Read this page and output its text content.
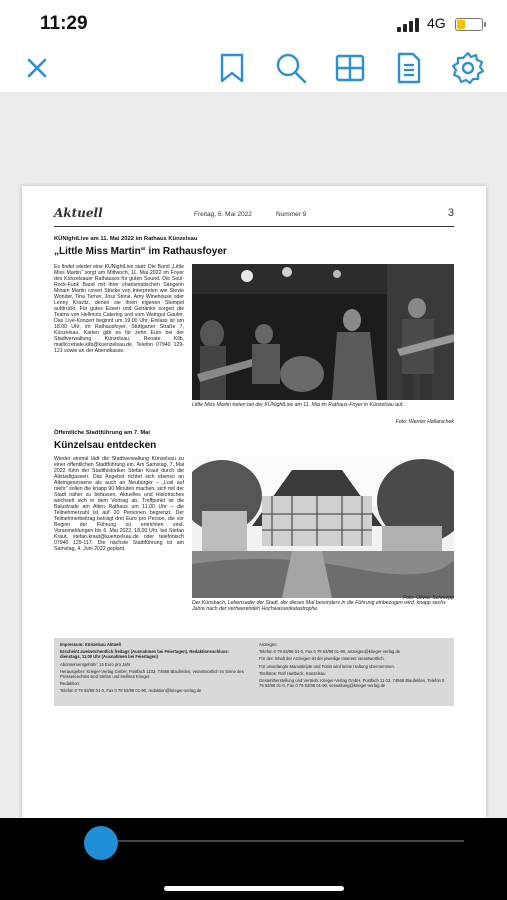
11:29	4G
Aktuell	Freitag, 6. Mai 2022	Nummer 9	3
KÜNightLive am 11. Mai 2022 im Rathaus Künzelsau
„Little Miss Martin“ im Rathausfoyer
Es findet wieder eine KÜNightLive statt: Die Band „Little Miss Martin“ sorgt am Mittwoch, 11. Mai 2022 im Foyer des Künzelsauer Rathauses für guten Sound. Die Soul-Rock-Funk Band mit ihrer charismatischen Sängerin Miriam Martin covert Stücke von Interpreten wie Stevie Wonder, Tina Turner, Joss Stone, Amy Winehouse oder Lenny Kravitz, denen sie ihren eigenen Stempel aufdrückt. Für gutes Essen und Getränke sorgen die Teams von Hellmuts Catering und vom Weingut Gaufer. Das Live-Konzert beginnt um 19.00 Uhr, Einlass ist um 18.00 Uhr, im Rathausfoyer, Stuttgarter Straße 7, Künzelsau. Karten gibt es für zehn Euro bei der Stadtverwaltung Künzelsau, Renate Kilb, mailto:renate.kilb@kuenzelsau.de, Telefon 07940 129-121 sowie an der Abendkasse.
Little Miss Martin treten bei der KÜNightLive am 11. Mai im Rathaus-Foyer in Künzelsau auf.
Foto: Werner Hallatschek
Öffentliche Stadtführung am 7. Mai
Künzelsau entdecken
Wieder einmal lädt die Stadtverwaltung Künzelsau zu einer öffentlichen Stadtführung ein. Am Samstag, 7. Mai 2022 führt der Stadthistoriker Stefan Kraut durch die Altstadtgassen. Das Angebot richtet sich ebenso an Alteingesessene als auch an Neubürger – „Lust auf mehr“ sollen die knapp 90 Minuten machen, sich mit der Stadt näher zu befassen. Aktuelles und Historisches wechselt sich in dem Vortrag ab. Treffpunkt ist die Balustrade am Alten Rathaus um 11.00 Uhr – die Teilnehmerzahl ist auf 20 Personen begrenzt. Der Teilnehmerbeitrag beträgt drei Euro pro Person, die vor Beginn der Führung zu entrichten sind. Voranmeldungen bis 6. Mai 2022, 18.00 Uhr, bei Stefan Kraut, stefan.kraut@kuenzelsau.de oder telefonisch 07940 129-117. Die nächste Stadtführung ist am Samstag, 4. Juni 2022 geplant.
Der Künsbach, Lebensader der Stadt, der dieses Mal besonders in die Führung einbezogen wird, knapp sechs Jahre nach der verheerenden Hochwasserkatastrophe.
Foto: Olivier Schniepp

Impressum: Künzelsau Aktuell

Erscheint zweiwöchentlich freitags (Ausnahmen bei Feiertagen). Redaktionsschluss: dienstags, 11.00 Uhr (Ausnahmen bei Feiertagen)

Abonnementgebühr: 15 Euro pro Jahr

Herausgeber: Krieger-Verlag GmbH, Postfach 1103, 74568 Blaufelden, verantwortlich im Sinne des Pressereechtes sind Stefan und Hellmut Krieger.

Redaktion:

Telefon 0 79 53/98 01-0, Fax 0 79 53/98 01-90, redaktion@krieger-verlag.de

Anzeigen:

Telefon 0 79 53/98 01-0, Fax 0 79 53/98 01-90, anzeigen@krieger-verlag.de

Für den Inhalt der Anzeigen ist der jeweilige Inserent verantwortlich.

Für unverlangte Manuskripte und Fotos wird keine Haftung übernommen.

Titelfotos: Rolf Hartbeck, Künzelsau

Gesamtherstellung und Vertrieb: Krieger-Verlag GmbH, Postfach 11 03, 74568 Blaufelden, Telefon 0 79 53/98 01-0, Fax 0 79 53/98 01-90, verwaltung@krieger-verlag.de
